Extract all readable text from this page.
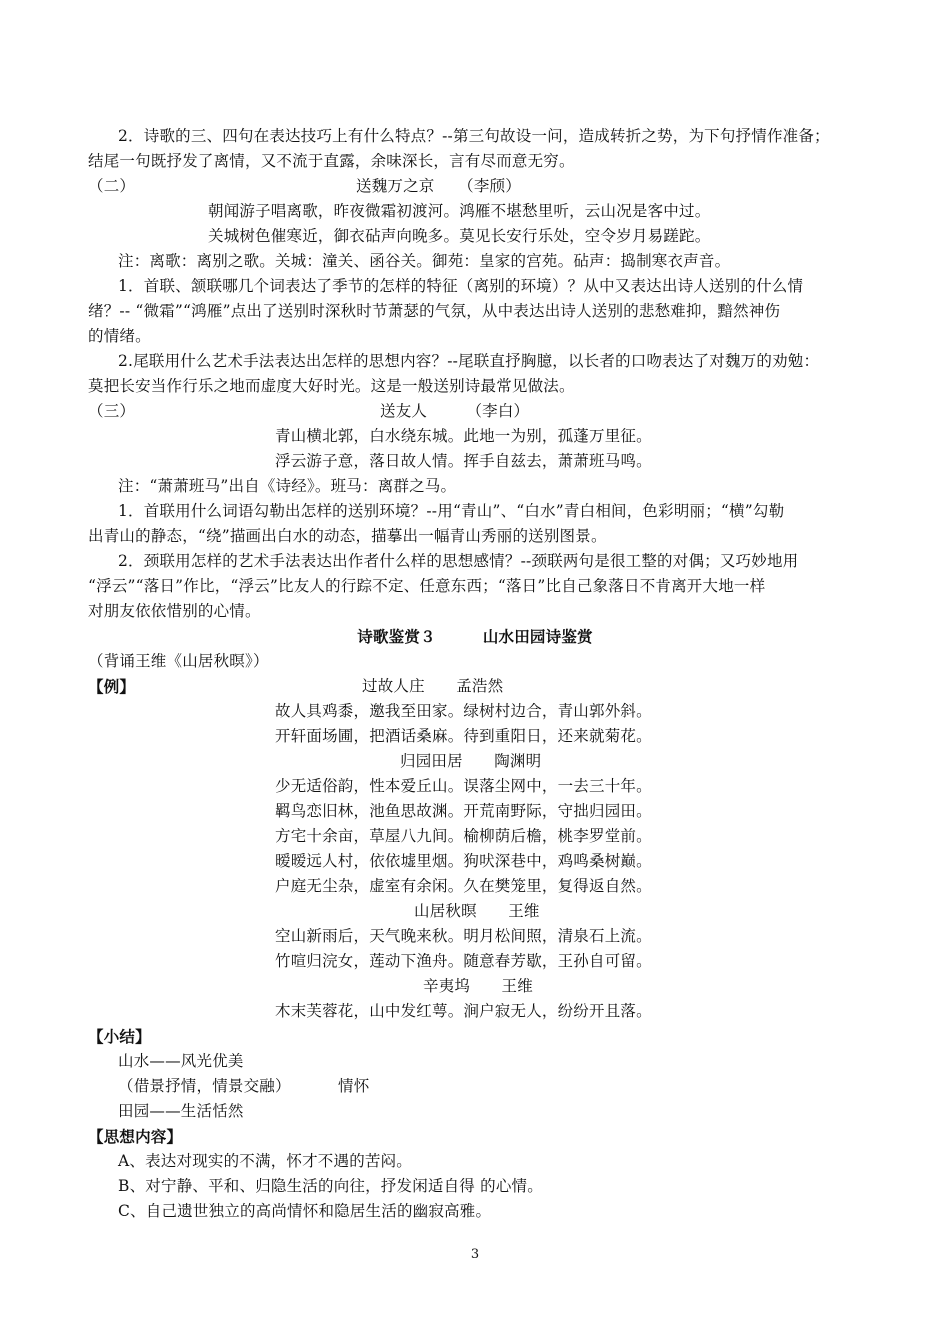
2．诗歌的三、四句在表达技巧上有什么特点？--第三句故设一问，造成转折之势，为下句抒情作准备；
结尾一句既抒发了离情，又不流于直露，余味深长，言有尽而意无穷。
（二）	送魏万之京　　（李颀）
朝闻游子唱离歌，昨夜微霜初渡河。鸿雁不堪愁里听，云山况是客中过。
关城树色催寒近，御衣砧声向晚多。莫见长安行乐处，空令岁月易蹉跎。
注：离歌：离别之歌。关城：潼关、函谷关。御苑：皇家的宫苑。砧声：捣制寒衣声音。
1．首联、颔联哪几个词表达了季节的怎样的特征（离别的环境）？从中又表达出诗人送别的什么情
绪？-- “微霜”“鸿雁”点出了送别时深秋时节萧瑟的气氛，从中表达出诗人送别的悲愁难抑，黯然神伤
的情绪。
2.尾联用什么艺术手法表达出怎样的思想内容？--尾联直抒胸臆，以长者的口吻表达了对魏万的劝勉：
莫把长安当作行乐之地而虚度大好时光。这是一般送别诗最常见做法。
（三）	送友人　　　（李白）
青山横北郭，白水绕东城。此地一为别，孤蓬万里征。
浮云游子意，落日故人情。挥手自兹去，萧萧班马鸣。
注：“萧萧班马”出自《诗经》。班马：离群之马。
1．首联用什么词语勾勒出怎样的送别环境？--用“青山”、“白水”青白相间，色彩明丽；“横”勾勒
出青山的静态，“绕”描画出白水的动态，描摹出一幅青山秀丽的送别图景。
2．颈联用怎样的艺术手法表达出作者什么样的思想感情？--颈联两句是很工整的对偶；又巧妙地用
“浮云”“落日”作比，“浮云”比友人的行踪不定、任意东西；“落日”比自己象落日不肯离开大地一样
对朋友依依惜别的心情。
诗歌鉴赏３　　　山水田园诗鉴赏
（背诵王维《山居秋暝》）
【例】	过故人庄　　孟浩然
故人具鸡黍，邀我至田家。绿树村边合，青山郭外斜。
开轩面场圃，把酒话桑麻。待到重阳日，还来就菊花。
归园田居　　陶渊明
少无适俗韵，性本爱丘山。误落尘网中，一去三十年。
羁鸟恋旧林，池鱼思故渊。开荒南野际，守拙归园田。
方宅十余亩，草屋八九间。榆柳荫后檐，桃李罗堂前。
暧暧远人村，依依墟里烟。狗吠深巷中，鸡鸣桑树巅。
户庭无尘杂，虚室有余闲。久在樊笼里，复得返自然。
山居秋暝　　王维
空山新雨后，天气晚来秋。明月松间照，清泉石上流。
竹喧归浣女，莲动下渔舟。随意春芳歇，王孙自可留。
辛夷坞　　王维
木末芙蓉花，山中发红萼。涧户寂无人，纷纷开且落。
【小结】
山水——风光优美
（借景抒情，情景交融）	情怀
田园——生活恬然
【思想内容】
A、表达对现实的不满，怀才不遇的苦闷。
B、对宁静、平和、归隐生活的向往，抒发闲适自得 的心情。
C、自己遗世独立的高尚情怀和隐居生活的幽寂高雅。
3
